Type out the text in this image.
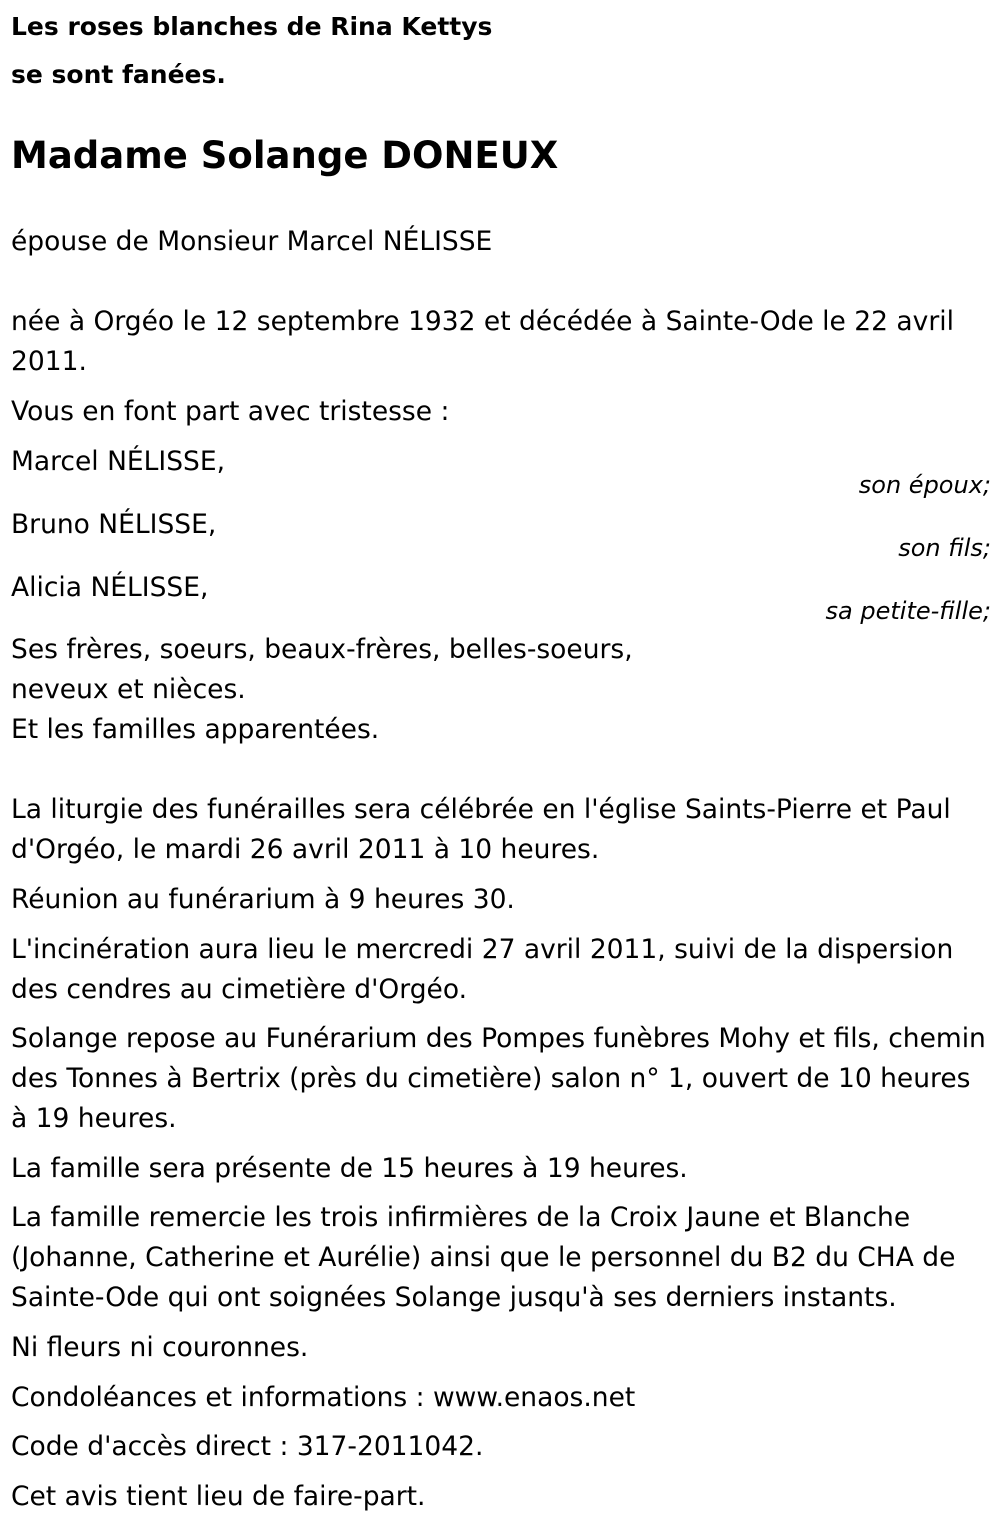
Les roses blanches de Rina Kettys

se sont fanées.

Madame Solange DONEUX

épouse de Monsieur Marcel NÉLISSE

née à Orgéo le 12 septembre 1932 et décédée à Sainte-Ode le 22 avril 2011.

Vous en font part avec tristesse :

Marcel NÉLISSE,

son époux;

Bruno NÉLISSE,

son fils;

Alicia NÉLISSE,

sa petite-fille;
Ses frères, soeurs, beaux-frères, belles-soeurs,
neveux et nièces.
Et les familles apparentées.

La liturgie des funérailles sera célébrée en l'église Saints-Pierre et Paul d'Orgéo, le mardi 26 avril 2011 à 10 heures.

Réunion au funérarium à 9 heures 30.

L'incinération aura lieu le mercredi 27 avril 2011, suivi de la dispersion des cendres au cimetière d'Orgéo.

Solange repose au Funérarium des Pompes funèbres Mohy et fils, chemin des Tonnes à Bertrix (près du cimetière) salon n° 1, ouvert de 10 heures à 19 heures.

La famille sera présente de 15 heures à 19 heures.

La famille remercie les trois infirmières de la Croix Jaune et Blanche (Johanne, Catherine et Aurélie) ainsi que le personnel du B2 du CHA de Sainte-Ode qui ont soignées Solange jusqu'à ses derniers instants.

Ni fleurs ni couronnes.

Condoléances et informations : www.enaos.net

Code d'accès direct : 317-2011042.

Cet avis tient lieu de faire-part.
